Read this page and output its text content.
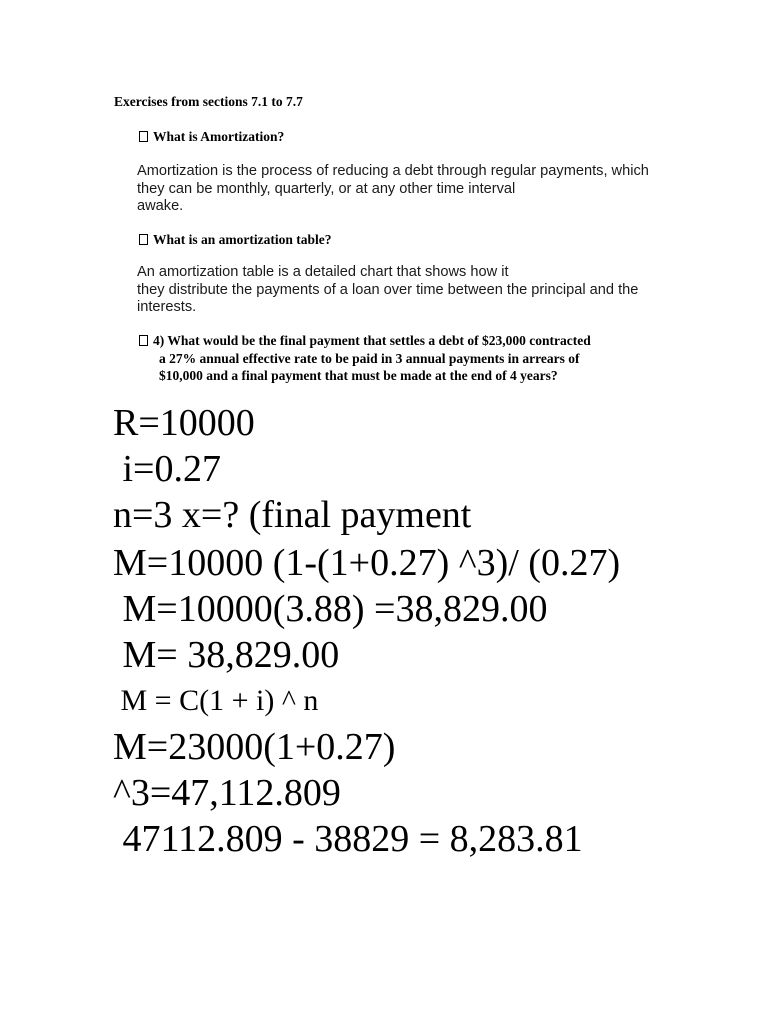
Exercises from sections 7.1 to 7.7
What is Amortization?
Amortization is the process of reducing a debt through regular payments, which
they can be monthly, quarterly, or at any other time interval
awake.
What is an amortization table?
An amortization table is a detailed chart that shows how it
they distribute the payments of a loan over time between the principal and the
interests.
4) What would be the final payment that settles a debt of $23,000 contracted
a 27% annual effective rate to be paid in 3 annual payments in arrears of
$10,000 and a final payment that must be made at the end of 4 years?
R=10000
i=0.27
n=3 x=? (final payment
M=10000 (1-(1+0.27) ^3)/ (0.27)
M=10000(3.88) =38,829.00
M= 38,829.00
M = C(1 + i) ^ n
M=23000(1+0.27)
^3=47,112.809
47112.809 - 38829 = 8,283.81
